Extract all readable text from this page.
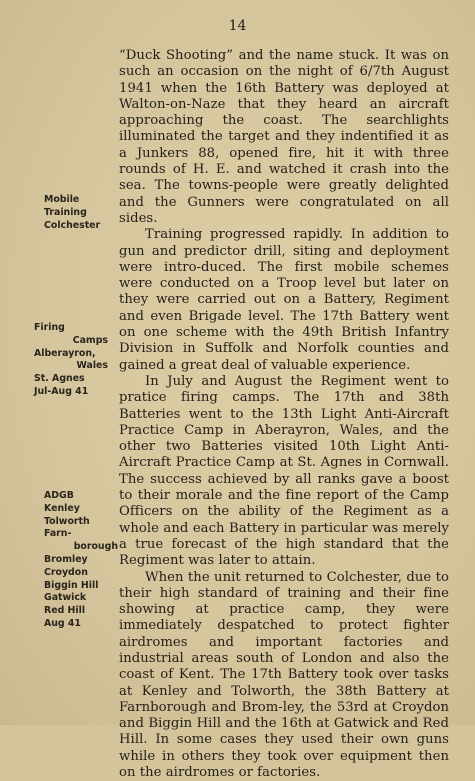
14

“Duck Shooting” and the name stuck. It was on such an occasion on the night of 6/7th August 1941 when the 16th Battery was deployed at Walton-on-Naze that they heard an aircraft approaching the coast. The searchlights illuminated the target and they indentified it as a Junkers 88, opened fire, hit it with three rounds of H. E. and watched it crash into the sea. The towns-people were greatly delighted and the Gunners were congratulated on all sides.

Training progressed rapidly. In addition to gun and predictor drill, siting and deployment were intro-duced. The first mobile schemes were conducted on a Troop level but later on they were carried out on a Battery, Regiment and even Brigade level. The 17th Battery went on one scheme with the 49th British Infantry Division in Suffolk and Norfolk counties and gained a great deal of valuable experience.

In July and August the Regiment went to pratice firing camps. The 17th and 38th Batteries went to the 13th Light Anti-Aircraft Practice Camp in Aberayron, Wales, and the other two Batteries visited 10th Light Anti-Aircraft Practice Camp at St. Agnes in Cornwall. The success achieved by all ranks gave a boost to their morale and the fine report of the Camp Officers on the ability of the Regiment as a whole and each Battery in particular was merely a true forecast of the high standard that the Regiment was later to attain.

When the unit returned to Colchester, due to their high standard of training and their fine showing at practice camp, they were immediately despatched to protect fighter airdromes and important factories and industrial areas south of London and also the coast of Kent. The 17th Battery took over tasks at Kenley and Tolworth, the 38th Battery at Farnborough and Brom-ley, the 53rd at Croydon and Biggin Hill and the 16th at Gatwick and Red Hill. In some cases they used their own guns while in others they took over equipment then on the airdromes or factories.

Mobile
Training
Colchester
Firing
Camps
Alberayron,
Wales
St. Agnes
Jul-Aug 41
ADGB
Kenley
Tolworth
Farn-
borough
Bromley
Croydon
Biggin Hill
Gatwick
Red Hill
Aug 41
